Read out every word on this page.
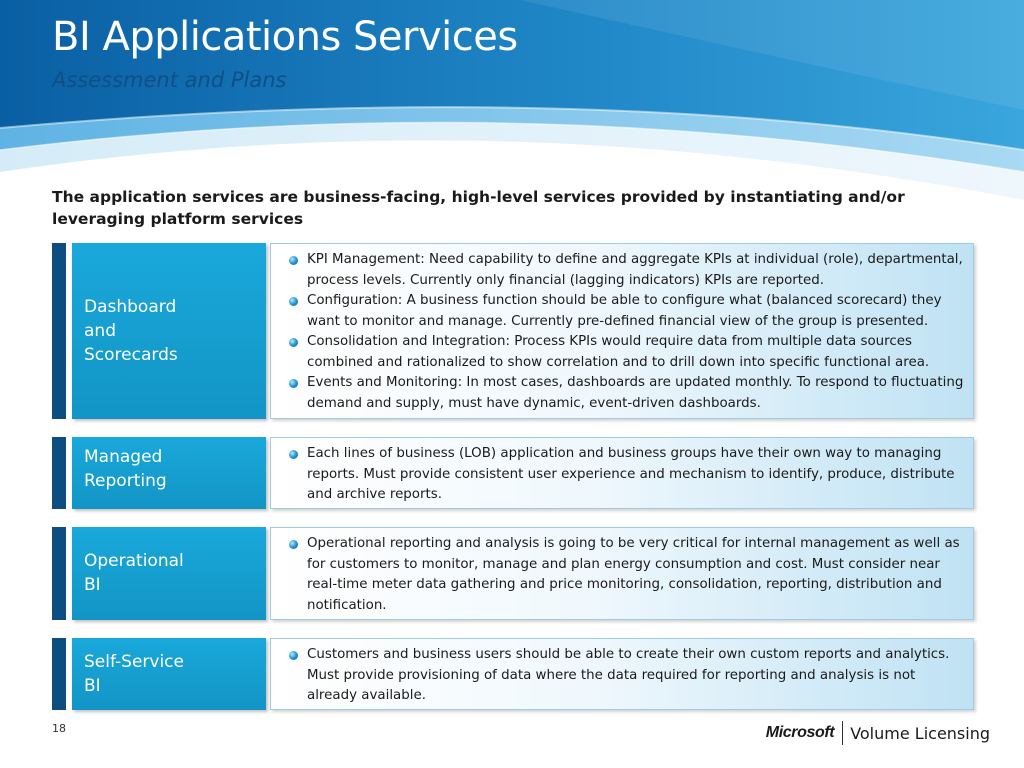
BI Applications Services
Assessment and Plans
The application services are business-facing, high-level services provided by instantiating and/or leveraging platform services
Dashboard
and
Scorecards
KPI Management: Need capability to define and aggregate KPIs at individual (role), departmental, process levels. Currently only financial (lagging indicators) KPIs are reported.
Configuration: A business function should be able to configure what (balanced scorecard) they want to monitor and manage. Currently pre-defined financial view of the group is presented.
Consolidation and Integration: Process KPIs would require data from multiple data sources combined and rationalized to show correlation and to drill down into specific functional area.
Events and Monitoring: In most cases, dashboards are updated monthly. To respond to fluctuating demand and supply, must have dynamic, event-driven dashboards.
Managed
Reporting
Each lines of business (LOB) application and business groups have their own way to managing reports. Must provide consistent user experience and mechanism to identify, produce, distribute and archive reports.
Operational
BI
Operational reporting and analysis is going to be very critical for internal management as well as for customers to monitor, manage and plan energy consumption and cost. Must consider near real-time meter data gathering and price monitoring, consolidation, reporting, distribution and notification.
Self-Service
BI
Customers and business users should be able to create their own custom reports and analytics. Must provide provisioning of data where the data required for reporting and analysis is not already available.
18	Microsoft Volume Licensing
